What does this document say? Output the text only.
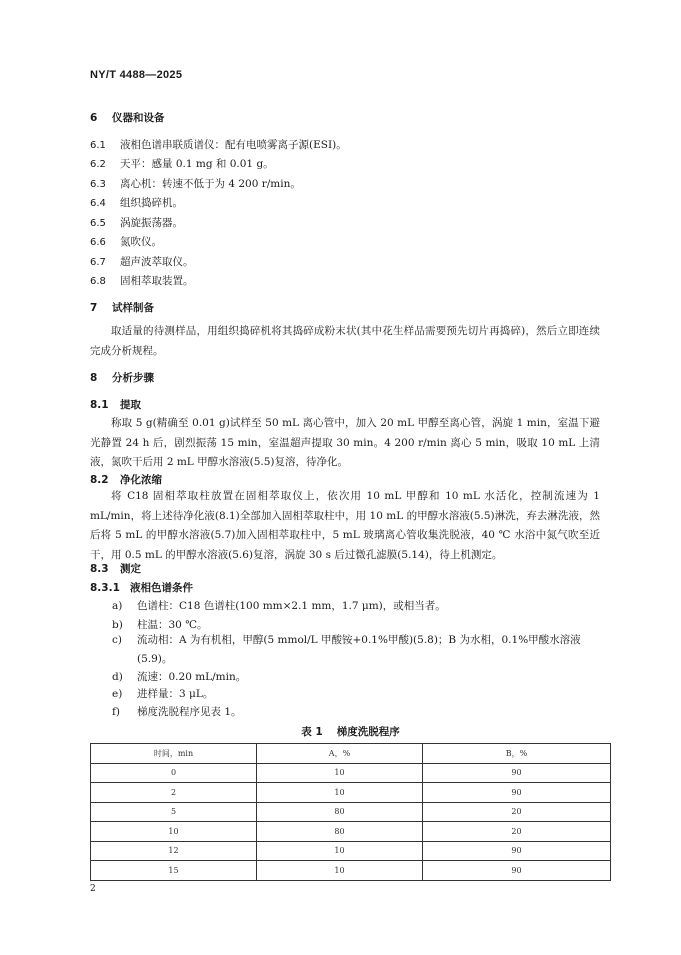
NY/T 4488—2025
6 仪器和设备
6.1 液相色谱串联质谱仪：配有电喷雾离子源(ESI)。
6.2 天平：感量 0.1 mg 和 0.01 g。
6.3 离心机：转速不低于为 4 200 r/min。
6.4 组织捣碎机。
6.5 涡旋振荡器。
6.6 氮吹仪。
6.7 超声波萃取仪。
6.8 固相萃取装置。
7 试样制备
取适量的待测样品，用组织捣碎机将其捣碎成粉末状(其中花生样品需要预先切片再捣碎)，然后立即连续完成分析规程。
8 分析步骤
8.1 提取
称取 5 g(精确至 0.01 g)试样至 50 mL 离心管中，加入 20 mL 甲醇至离心管，涡旋 1 min，室温下避光静置 24 h 后，剧烈振荡 15 min，室温超声提取 30 min。4 200 r/min 离心 5 min，吸取 10 mL 上清液，氮吹干后用 2 mL 甲醇水溶液(5.5)复溶，待净化。
8.2 净化浓缩
将 C18 固相萃取柱放置在固相萃取仪上，依次用 10 mL 甲醇和 10 mL 水活化，控制流速为 1 mL/min，将上述待净化液(8.1)全部加入固相萃取柱中，用 10 mL 的甲醇水溶液(5.5)淋洗，弃去淋洗液，然后将 5 mL 的甲醇水溶液(5.7)加入固相萃取柱中，5 mL 玻璃离心管收集洗脱液，40 ℃ 水浴中氮气吹至近干，用 0.5 mL 的甲醇水溶液(5.6)复溶，涡旋 30 s 后过微孔滤膜(5.14)，待上机测定。
8.3 测定
8.3.1 液相色谱条件
a) 色谱柱：C18 色谱柱(100 mm×2.1 mm，1.7 μm)，或相当者。
b) 柱温：30 ℃。
c) 流动相：A 为有机相，甲醇(5 mmol/L 甲酸铵+0.1%甲酸)(5.8)；B 为水相，0.1%甲酸水溶液
(5.9)。
d) 流速：0.20 mL/min。
e) 进样量：3 μL。
f) 梯度洗脱程序见表 1。
表 1 梯度洗脱程序
时间，min	A，%	B，%
0	10	90
2	10	90
5	80	20
10	80	20
12	10	90
15	10	90
2
